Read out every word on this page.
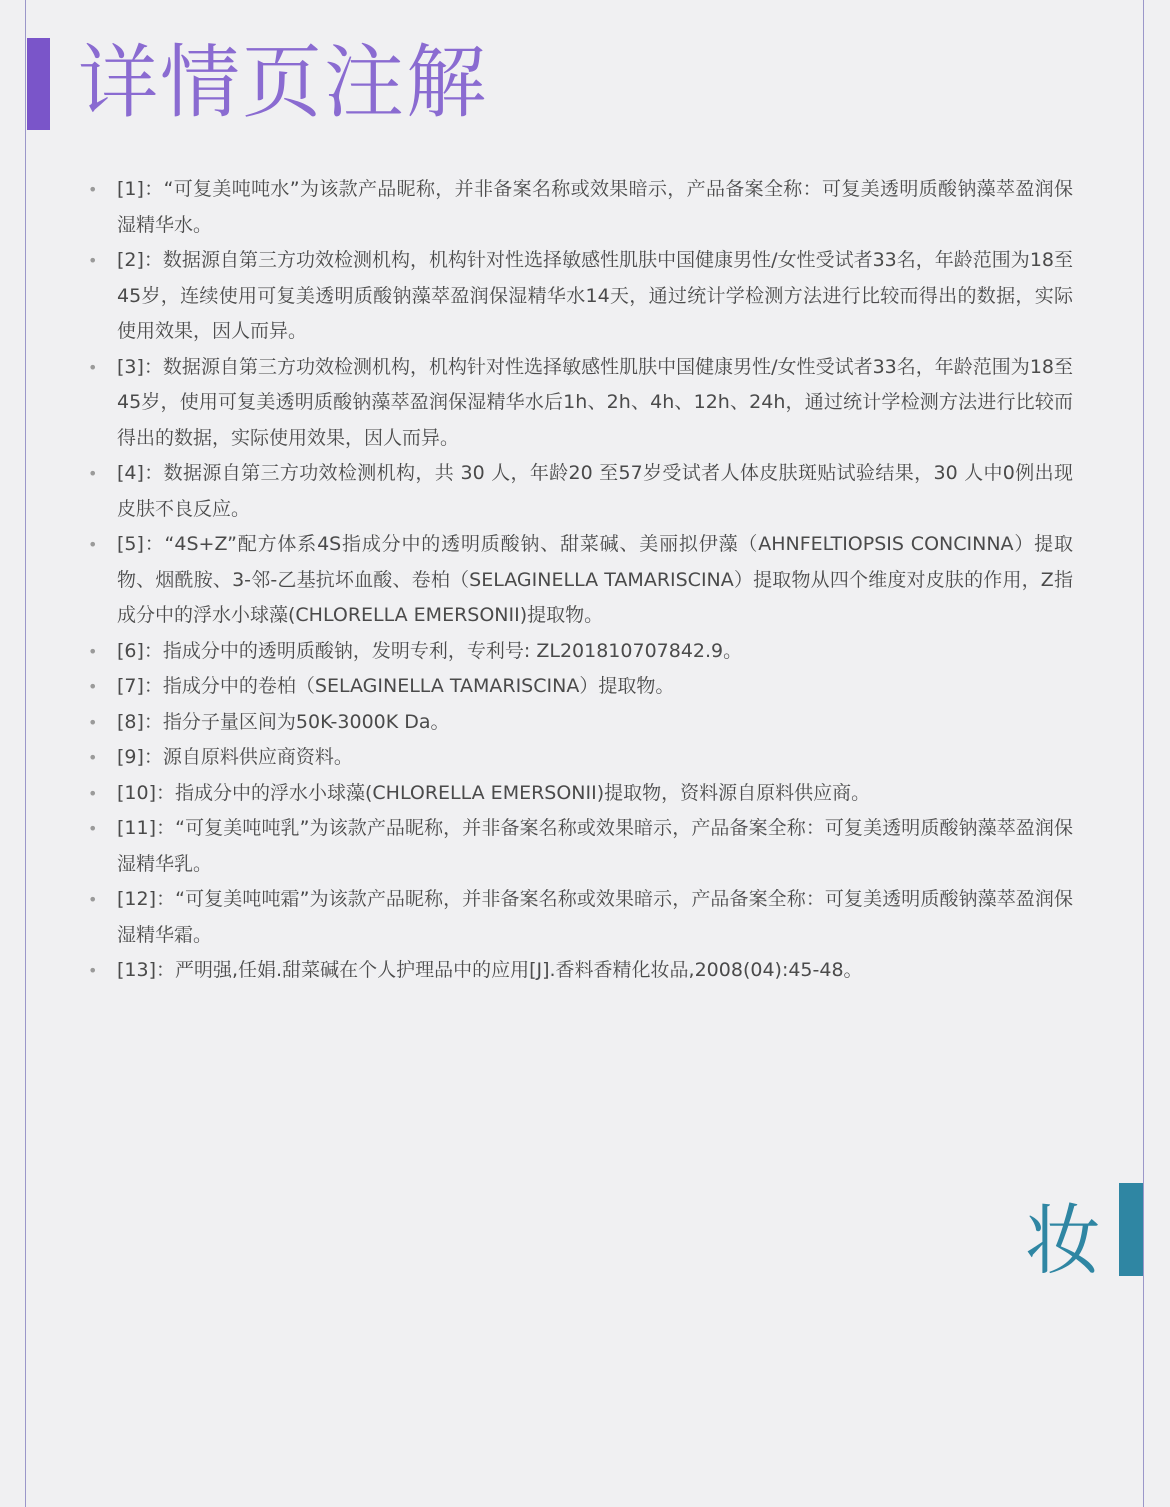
详情页注解
• [1]：“可复美吨吨水”为该款产品昵称，并非备案名称或效果暗示，产品备案全称：可复美透明质酸钠藻萃盈润保湿精华水。
• [2]：数据源自第三方功效检测机构，机构针对性选择敏感性肌肤中国健康男性/女性受试者33名，年龄范围为18至45岁，连续使用可复美透明质酸钠藻萃盈润保湿精华水14天，通过统计学检测方法进行比较而得出的数据，实际使用效果，因人而异。
• [3]：数据源自第三方功效检测机构，机构针对性选择敏感性肌肤中国健康男性/女性受试者33名，年龄范围为18至45岁，使用可复美透明质酸钠藻萃盈润保湿精华水后1h、2h、4h、12h、24h，通过统计学检测方法进行比较而得出的数据，实际使用效果，因人而异。
• [4]：数据源自第三方功效检测机构，共 30 人，年龄20 至57岁受试者人体皮肤斑贴试验结果，30 人中0例出现皮肤不良反应。
• [5]：“4S+Z”配方体系4S指成分中的透明质酸钠、甜菜碱、美丽拟伊藻（AHNFELTIOPSIS CONCINNA）提取物、烟酰胺、3-邻-乙基抗坏血酸、卷柏（SELAGINELLA TAMARISCINA）提取物从四个维度对皮肤的作用，Z指成分中的浮水小球藻(CHLORELLA EMERSONII)提取物。
• [6]：指成分中的透明质酸钠，发明专利，专利号: ZL201810707842.9。
• [7]：指成分中的卷柏（SELAGINELLA TAMARISCINA）提取物。
• [8]：指分子量区间为50K-3000K Da。
• [9]：源自原料供应商资料。
• [10]：指成分中的浮水小球藻(CHLORELLA EMERSONII)提取物，资料源自原料供应商。
• [11]：“可复美吨吨乳”为该款产品昵称，并非备案名称或效果暗示，产品备案全称：可复美透明质酸钠藻萃盈润保湿精华乳。
• [12]：“可复美吨吨霜”为该款产品昵称，并非备案名称或效果暗示，产品备案全称：可复美透明质酸钠藻萃盈润保湿精华霜。
• [13]：严明强,任娟.甜菜碱在个人护理品中的应用[J].香料香精化妆品,2008(04):45-48。
妆
